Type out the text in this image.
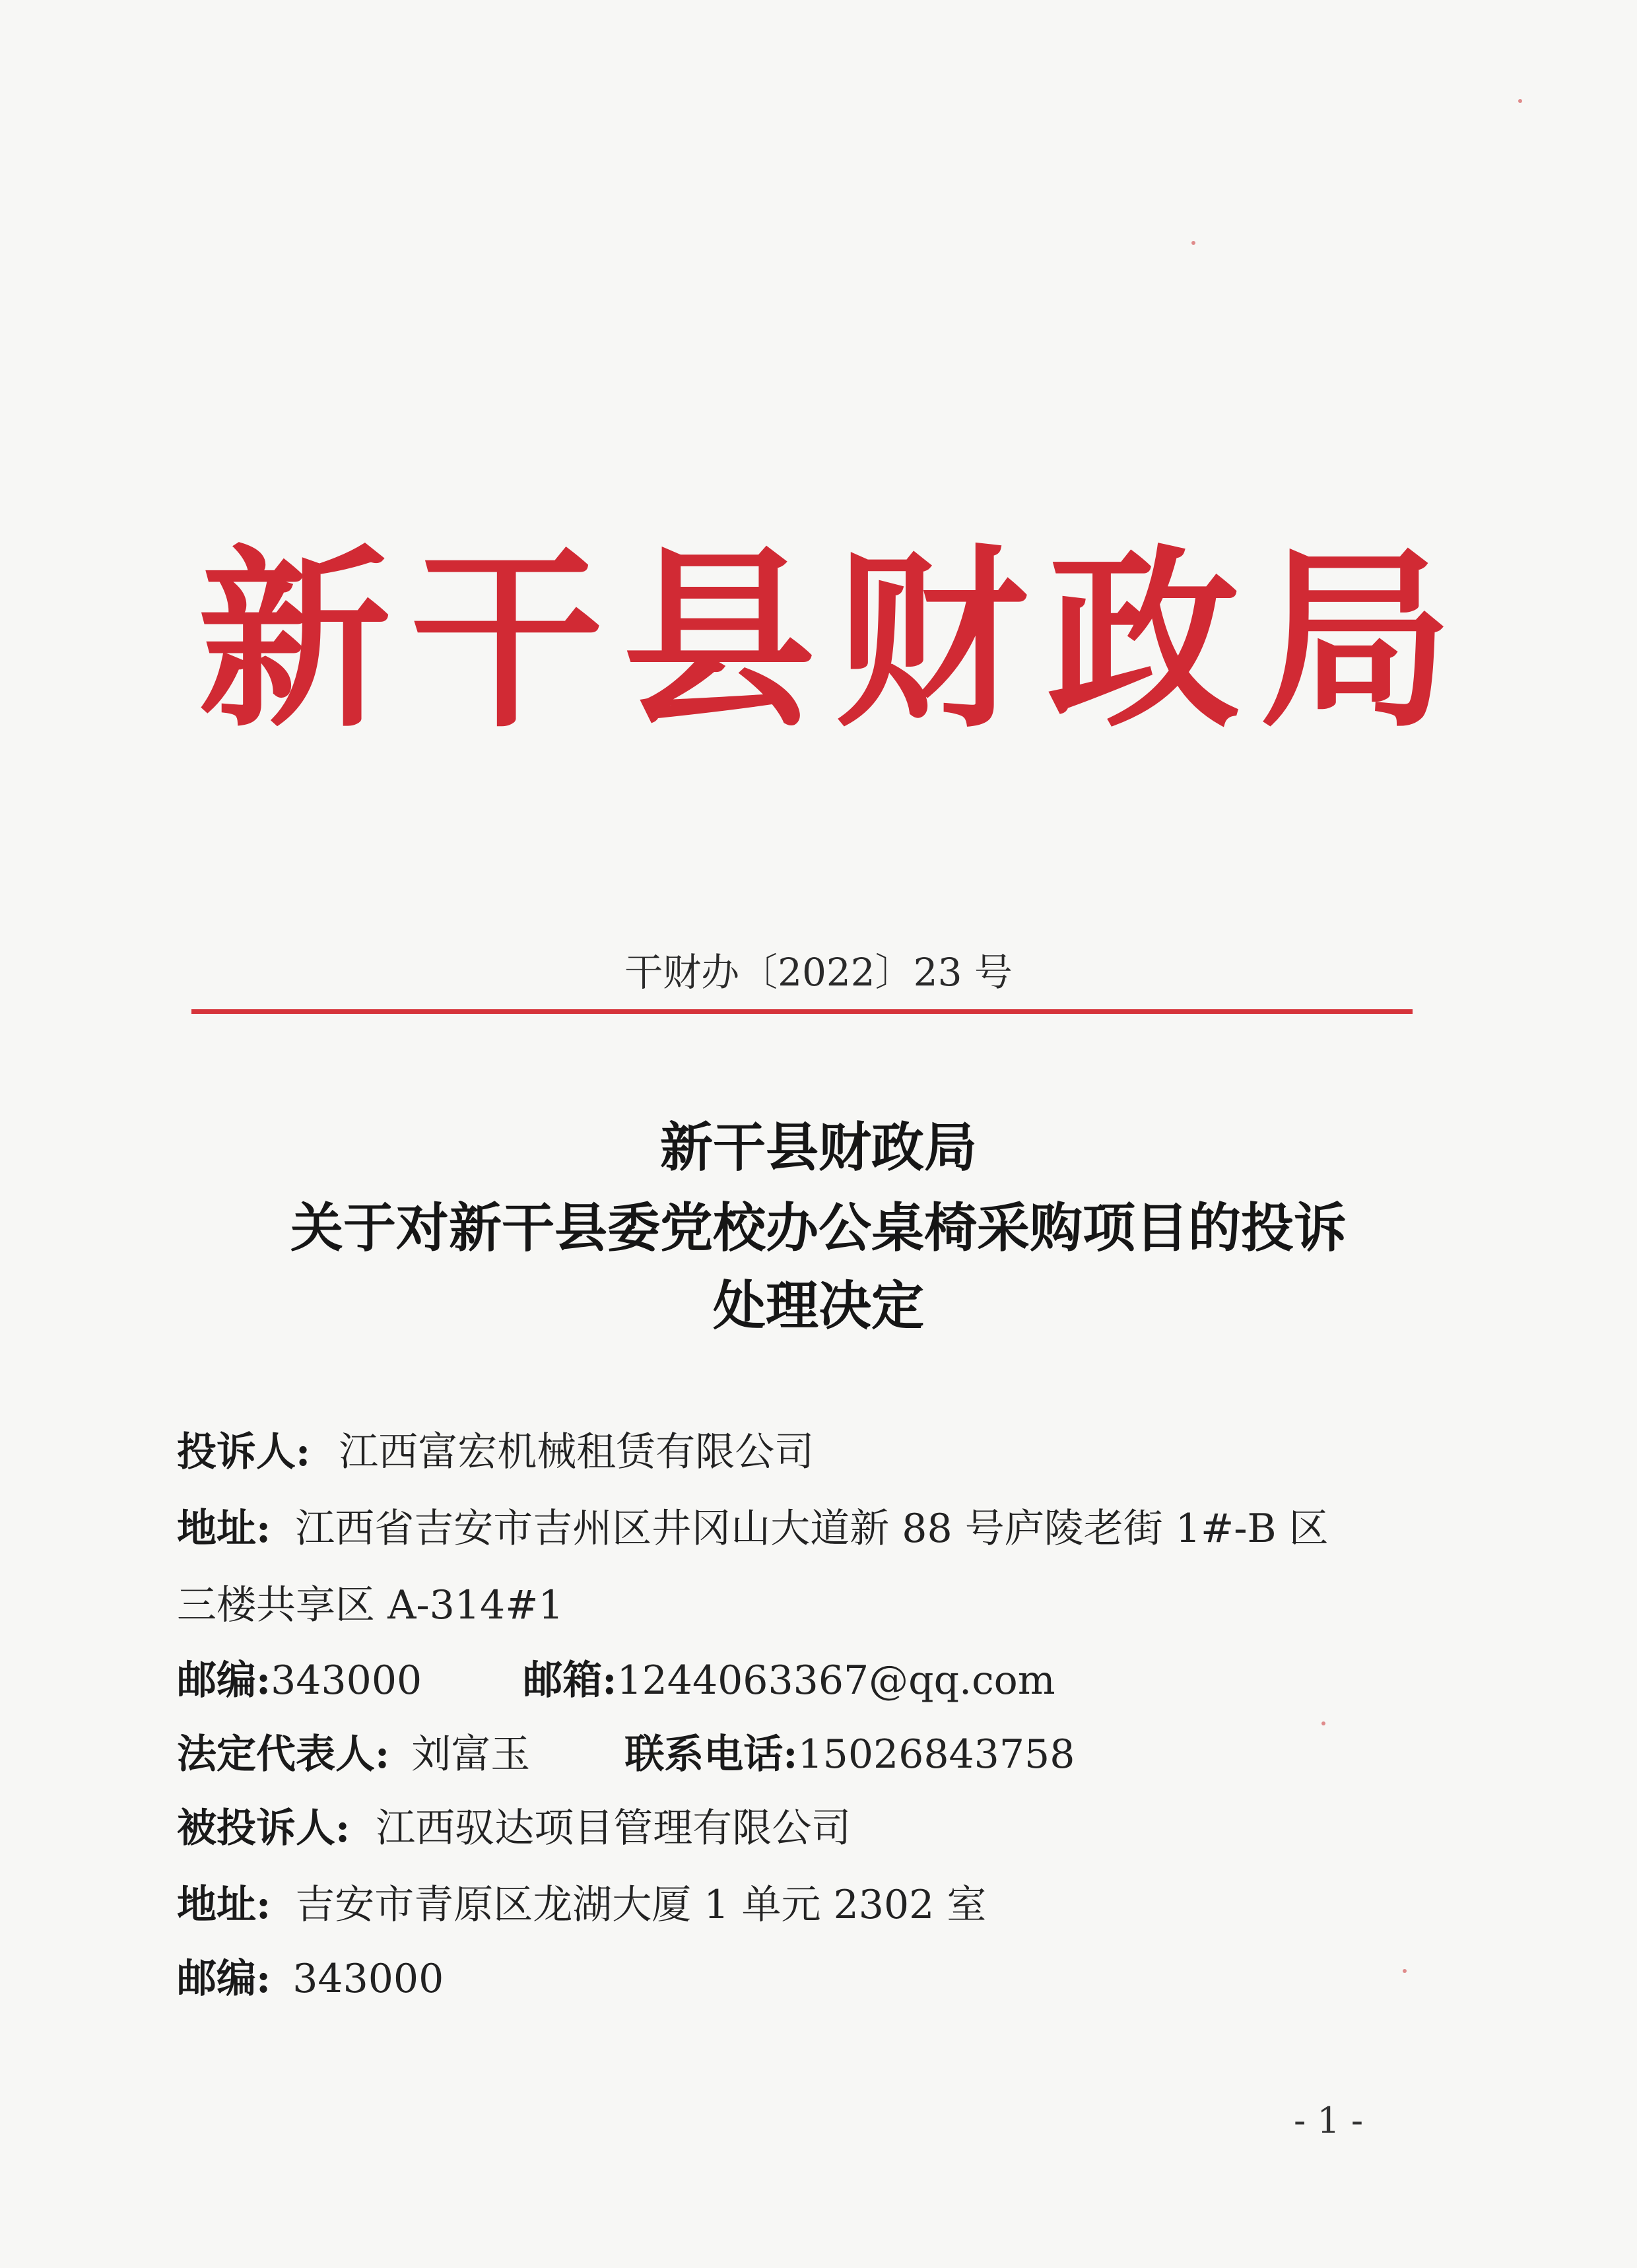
新 干 县 财 政 局
干财办〔2022〕23 号
新干县财政局
关于对新干县委党校办公桌椅采购项目的投诉
处理决定
投诉人: 江西富宏机械租赁有限公司
地址: 江西省吉安市吉州区井冈山大道新 88 号庐陵老街 1#-B 区
三楼共享区 A-314#1
邮编:343000	邮箱:1244063367@qq.com
法定代表人: 刘富玉 联系电话:15026843758
被投诉人: 江西驭达项目管理有限公司
地址: 吉安市青原区龙湖大厦 1 单元 2302 室
邮编: 343000
- 1 -
